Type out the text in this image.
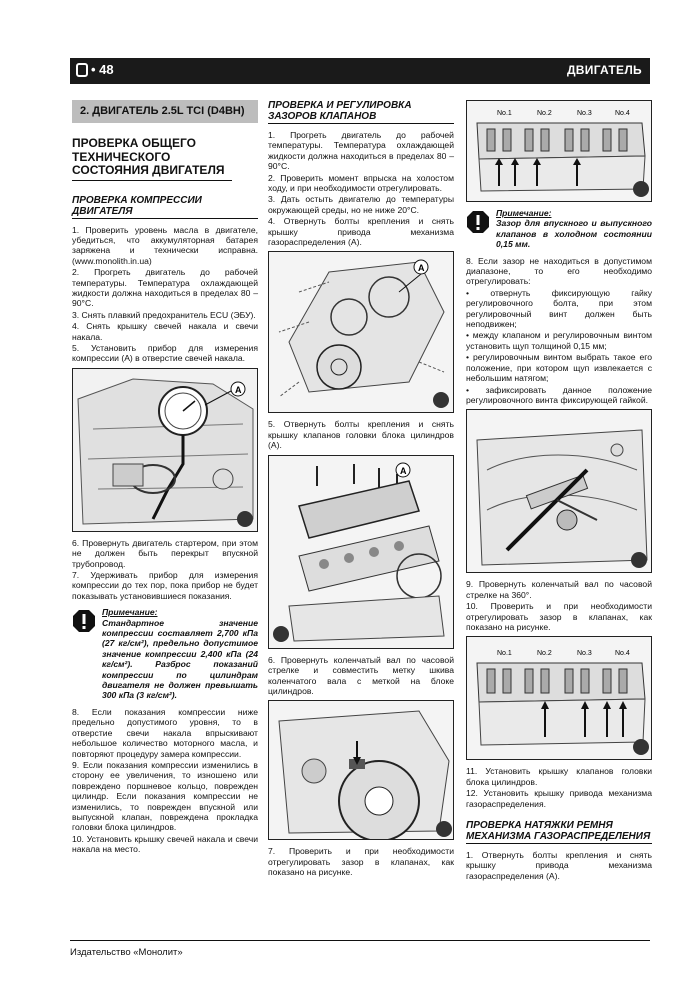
• 48	ДВИГАТЕЛЬ
2. ДВИГАТЕЛЬ 2.5L TCI (D4BH)
ПРОВЕРКА ОБЩЕГО ТЕХНИЧЕСКОГО СОСТОЯНИЯ ДВИГАТЕЛЯ
ПРОВЕРКА КОМПРЕССИИ ДВИГАТЕЛЯ
1. Проверить уровень масла в двигателе, убедиться, что аккумуляторная батарея заряжена и технически исправна. (www.monolith.in.ua)
2. Прогреть двигатель до рабочей температуры. Температура охлаждающей жидкости должна находиться в пределах 80 – 90°С.
3. Снять плавкий предохранитель ECU (ЭБУ).
4. Снять крышку свечей накала и свечи накала.
5. Установить прибор для измерения компрессии (А) в отверстие свечей накала.
A
6. Провернуть двигатель стартером, при этом не должен быть перекрыт впускной трубопровод.
7. Удерживать прибор для измерения компрессии до тех пор, пока прибор не будет показывать установившиеся показания.
Примечание:
Стандартное значение компрессии составляет 2,700 кПа (27 кг/см²), предельно допустимое значение компрессии 2,400 кПа (24 кг/см²). Разброс показаний компрессии по цилиндрам двигателя не должен превышать 300 кПа (3 кг/см²).
8. Если показания компрессии ниже предельно допустимого уровня, то в отверстие свечи накала впрыскивают небольшое количество моторного масла, и повторяют процедуру замера компрессии.
9. Если показания компрессии изменились в сторону ее увеличения, то изношено или повреждено поршневое кольцо, поврежден цилиндр. Если показания компрессии не изменились, то поврежден впускной или выпускной клапан, повреждена прокладка головки блока цилиндров.
10. Установить крышку свечей накала и свечи накала на место.
ПРОВЕРКА И РЕГУЛИРОВКА ЗАЗОРОВ КЛАПАНОВ
1. Прогреть двигатель до рабочей температуры. Температура охлаждающей жидкости должна находиться в пределах 80 – 90°С.
2. Проверить момент впрыска на холостом ходу, и при необходимости отрегулировать.
3. Дать остыть двигателю до температуры окружающей среды, но не ниже 20°С.
4. Отвернуть болты крепления и снять крышку привода механизма газораспределения (А).
A
5. Отвернуть болты крепления и снять крышку клапанов головки блока цилиндров (А).
A
6. Провернуть коленчатый вал по часовой стрелке и совместить метку шкива коленчатого вала с меткой на блоке цилиндров.
7. Проверить и при необходимости отрегулировать зазор в клапанах, как показано на рисунке.
No.1	No.2	No.3	No.4
Примечание:
Зазор для впускного и выпускного клапанов в холодном состоянии 0,15 мм.
8. Если зазор не находиться в допустимом диапазоне, то его необходимо отрегулировать:
• отвернуть фиксирующую гайку регулировочного болта, при этом регулировочный винт должен быть неподвижен;
• между клапаном и регулировочным винтом установить щуп толщиной 0,15 мм;
• регулировочным винтом выбрать такое его положение, при котором щуп извлекается с небольшим натягом;
• зафиксировать данное положение регулировочного винта фиксирующей гайкой.
9. Провернуть коленчатый вал по часовой стрелке на 360°.
10. Проверить и при необходимости отрегулировать зазор в клапанах, как показано на рисунке.
No.1	No.2	No.3	No.4
11. Установить крышку клапанов головки блока цилиндров.
12. Установить крышку привода механизма газораспределения.
ПРОВЕРКА НАТЯЖКИ РЕМНЯ МЕХАНИЗМА ГАЗОРАСПРЕДЕЛЕНИЯ
1. Отвернуть болты крепления и снять крышку привода механизма газораспределения (А).
Издательство «Монолит»
